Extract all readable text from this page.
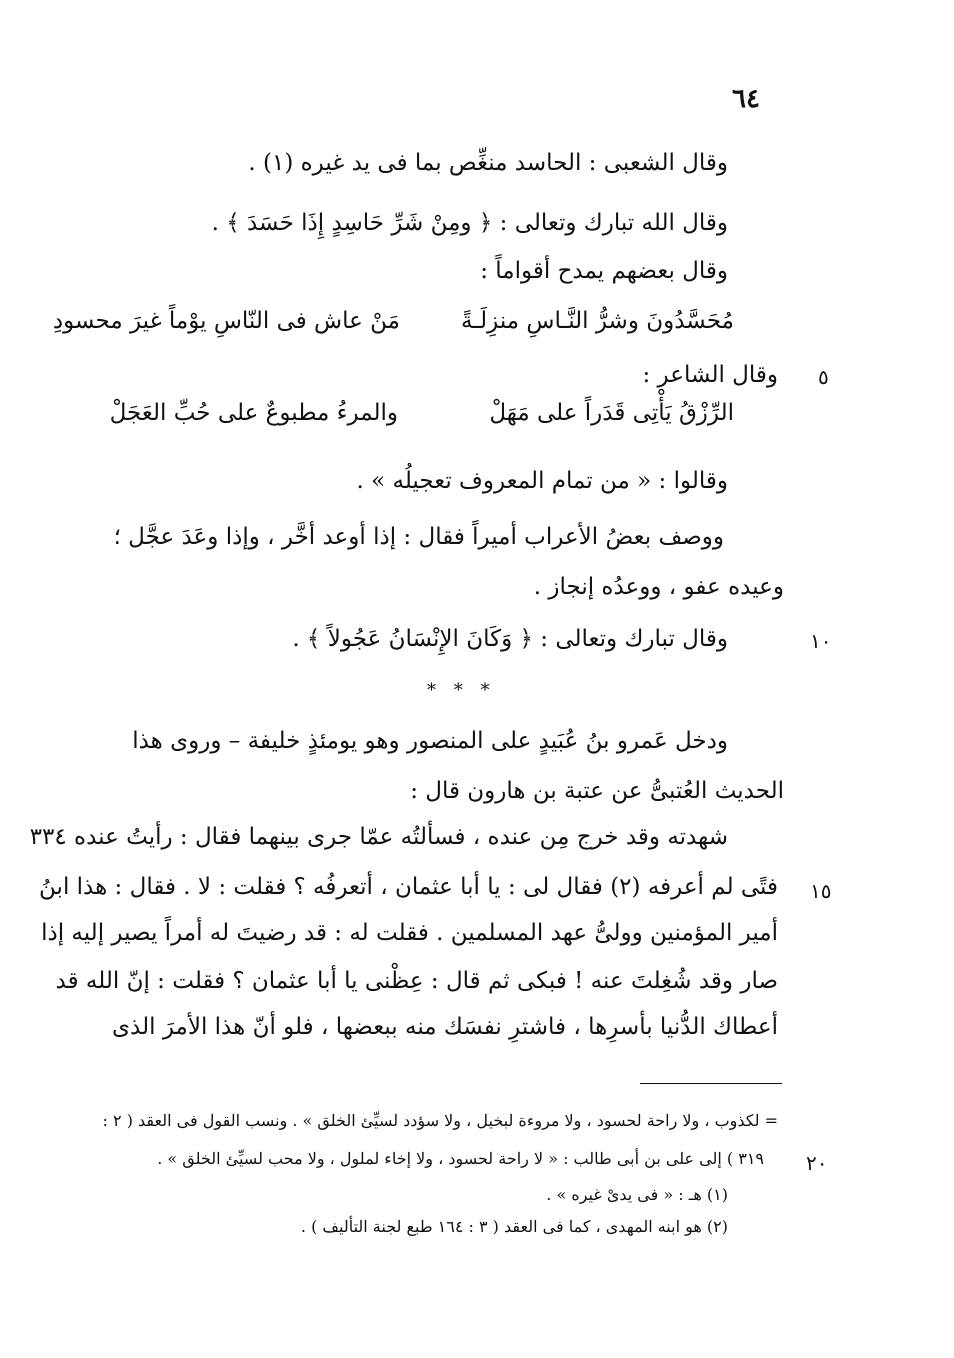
٦٤
وقال الشعبى : الحاسد منغِّص بما فى يد غيره (١) .
وقال الله تبارك وتعالى : ﴿ ومِنْ شَرِّ حَاسِدٍ إِذَا حَسَدَ ﴾ .
وقال بعضهم يمدح أقواماً :
مَنْ عاش فى النّاسِ يوْماً غيرَ محسودِ	مُحَسَّدُونَ وشرُّ النَّـاسِ منزِلَـةً
٥
وقال الشاعر :
الرِّزْقُ يَأْتِى قَدَراً على مَهَلْ
والمرءُ مطبوعٌ على حُبِّ العَجَلْ
وقالوا : « من تمام المعروف تعجيلُه » .
ووصف بعضُ الأعراب أميراً فقال : إذا أوعد أخَّر ، وإذا وعَدَ عجَّل ؛
وعيده عفو ، ووعدُه إنجاز .
١٠
وقال تبارك وتعالى : ﴿ وَكَانَ الإِنْسَانُ عَجُولاً ﴾ .
* * *
ودخل عَمرو بنُ عُبَيدٍ على المنصور وهو يومئذٍ خليفة – وروى هذا
الحديث العُتبىُّ عن عتبة بن هارون قال :
شهدته وقد خرج مِن عنده ، فسألتُه عمّا جرى بينهما فقال : رأيتُ عنده ٣٣٤
١٥
فتًى لم أعرفه (٢) فقال لى : يا أبا عثمان ، أتعرفُه ؟ فقلت : لا . فقال : هذا ابنُ
أمير المؤمنين وولىُّ عهد المسلمين . فقلت له : قد رضيتَ له أمراً يصير إليه إذا
صار وقد شُغِلتَ عنه ! فبكى ثم قال : عِظْنى يا أبا عثمان ؟ فقلت : إنّ الله قد
أعطاك الدُّنيا بأسرِها ، فاشترِ نفسَك منه ببعضها ، فلو أنّ هذا الأمرَ الذى
= لكذوب ، ولا راحة لحسود ، ولا مروءة لبخيل ، ولا سؤدد لسيِّئ الخلق » . ونسب القول فى العقد ( ٢ :
٢٠
٣١٩ ) إلى على بن أبى طالب : « لا راحة لحسود ، ولا إخاء لملول ، ولا محب لسيِّئ الخلق » .
(١) هـ : « فى يدىْ غيره » .
(٢) هو ابنه المهدى ، كما فى العقد ( ٣ : ١٦٤ طبع لجنة التأليف ) .
